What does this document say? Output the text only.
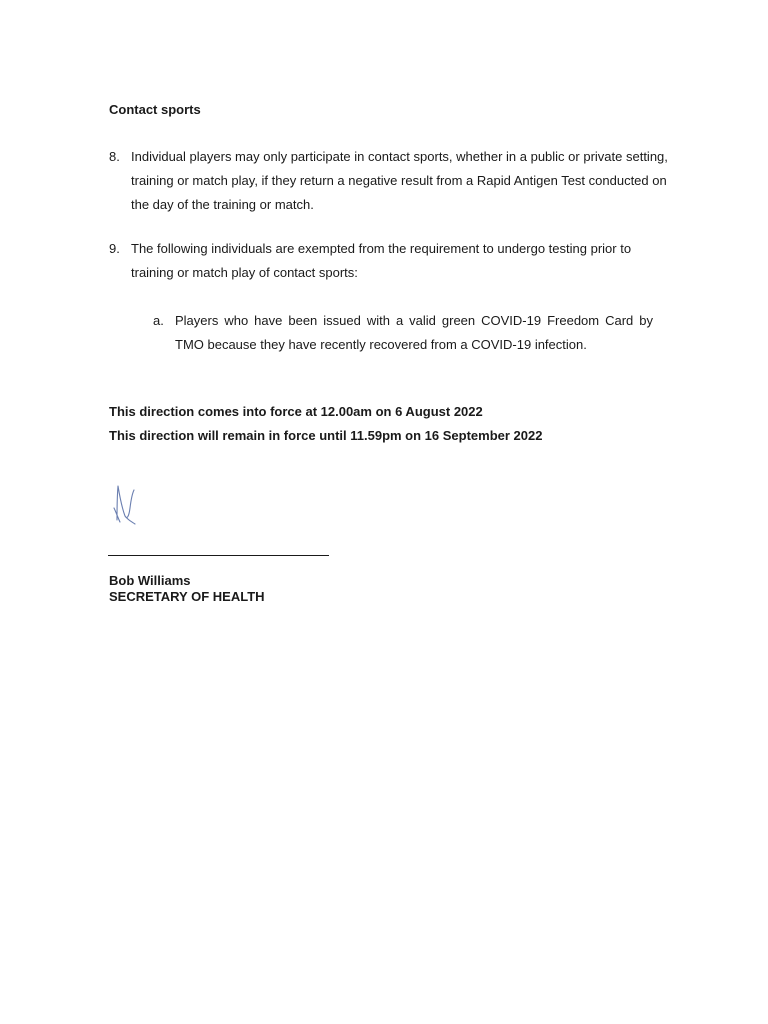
Contact sports
8. Individual players may only participate in contact sports, whether in a public or private setting, training or match play, if they return a negative result from a Rapid Antigen Test conducted on the day of the training or match.
9. The following individuals are exempted from the requirement to undergo testing prior to training or match play of contact sports:
a. Players who have been issued with a valid green COVID-19 Freedom Card by TMO because they have recently recovered from a COVID-19 infection.
This direction comes into force at 12.00am on 6 August 2022
This direction will remain in force until 11.59pm on 16 September 2022
Bob Williams
SECRETARY OF HEALTH
